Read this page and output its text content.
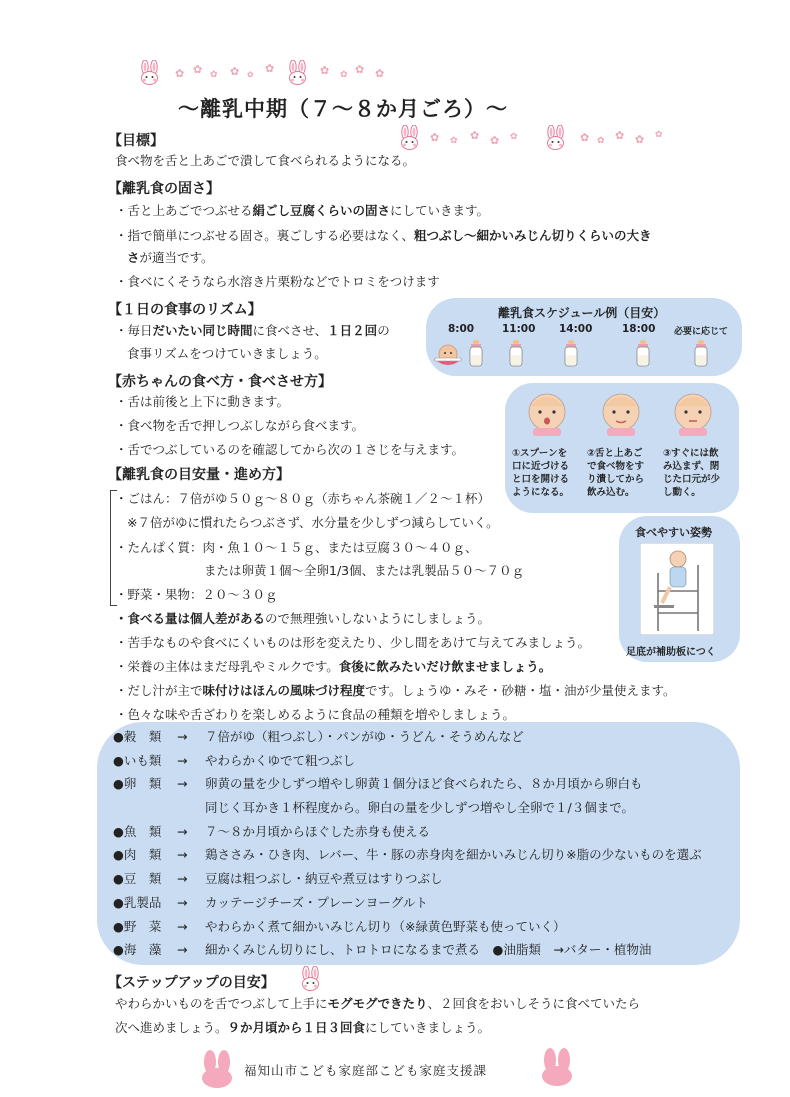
✿ ✿ ✿ ✿ ✿ ✿	✿ ✿ ✿ ✿
✿ ✿ ✿ ✿ ✿	✿ ✿ ✿ ✿ ✿
～離乳中期（７～８か月ごろ）～
【目標】
食べ物を舌と上あごで潰して食べられるようになる。
【離乳食の固さ】
・舌と上あごでつぶせる絹ごし豆腐くらいの固さにしていきます。
・指で簡単につぶせる固さ。裏ごしする必要はなく、粗つぶし～細かいみじん切りくらいの大き
さが適当です。
・食べにくそうなら水溶き片栗粉などでトロミをつけます
【１日の食事のリズム】
・毎日だいたい同じ時間に食べさせ、１日２回の
食事リズムをつけていきましょう。
離乳食スケジュール例（目安）
8:00	11:00 14:00	18:00 必要に応じて
【赤ちゃんの食べ方・食べさせ方】
・舌は前後と上下に動きます。
・食べ物を舌で押しつぶしながら食べます。
・舌でつぶしているのを確認してから次の１さじを与えます。	①スプーンを
口に近づける
と口を開ける
ようになる。
②舌と上あご
で食べ物をす
り潰してから
飲み込む。
③すぐには飲
み込まず、閉
じた口元が少
し動く。
【離乳食の目安量・進め方】
・ごはん：７倍がゆ５０ｇ～８０ｇ（赤ちゃん茶碗１／２～１杯）
※７倍がゆに慣れたらつぶさず、水分量を少しずつ減らしていく。
・たんぱく質：肉・魚１０～１５ｇ、または豆腐３０～４０ｇ、
または卵黄１個～全卵1/3個、または乳製品５０～７０ｇ
・野菜・果物：２０～３０ｇ
・食べる量は個人差があるので無理強いしないようにしましょう。
・苦手なものや食べにくいものは形を変えたり、少し間をあけて与えてみましょう。
・栄養の主体はまだ母乳やミルクです。食後に飲みたいだけ飲ませましょう。
・だし汁が主で味付けはほんの風味づけ程度です。しょうゆ・みそ・砂糖・塩・油が少量使えます。
・色々な味や舌ざわりを楽しめるように食品の種類を増やしましょう。
食べやすい姿勢
足底が補助板につく
●穀　類 → ７倍がゆ（粗つぶし）・パンがゆ・うどん・そうめんなど
●いも類 → やわらかくゆでて粗つぶし
●卵　類 → 卵黄の量を少しずつ増やし卵黄１個分ほど食べられたら、８か月頃から卵白も
同じく耳かき１杯程度から。卵白の量を少しずつ増やし全卵で１/３個まで。
●魚　類 → ７～８か月頃からほぐした赤身も使える
●肉　類 → 鶏ささみ・ひき肉、レバー、牛・豚の赤身肉を細かいみじん切り※脂の少ないものを選ぶ
●豆　類 → 豆腐は粗つぶし・納豆や煮豆はすりつぶし
●乳製品 → カッテージチーズ・プレーンヨーグルト
●野　菜 → やわらかく煮て細かいみじん切り（※緑黄色野菜も使っていく）
●海　藻 → 細かくみじん切りにし、トロトロになるまで煮る　●油脂類　→バター・植物油
【ステップアップの目安】
やわらかいものを舌でつぶして上手にモグモグできたり、２回食をおいしそうに食べていたら
次へ進めましょう。９か月頃から１日３回食にしていきましょう。
福知山市こども家庭部こども家庭支援課
